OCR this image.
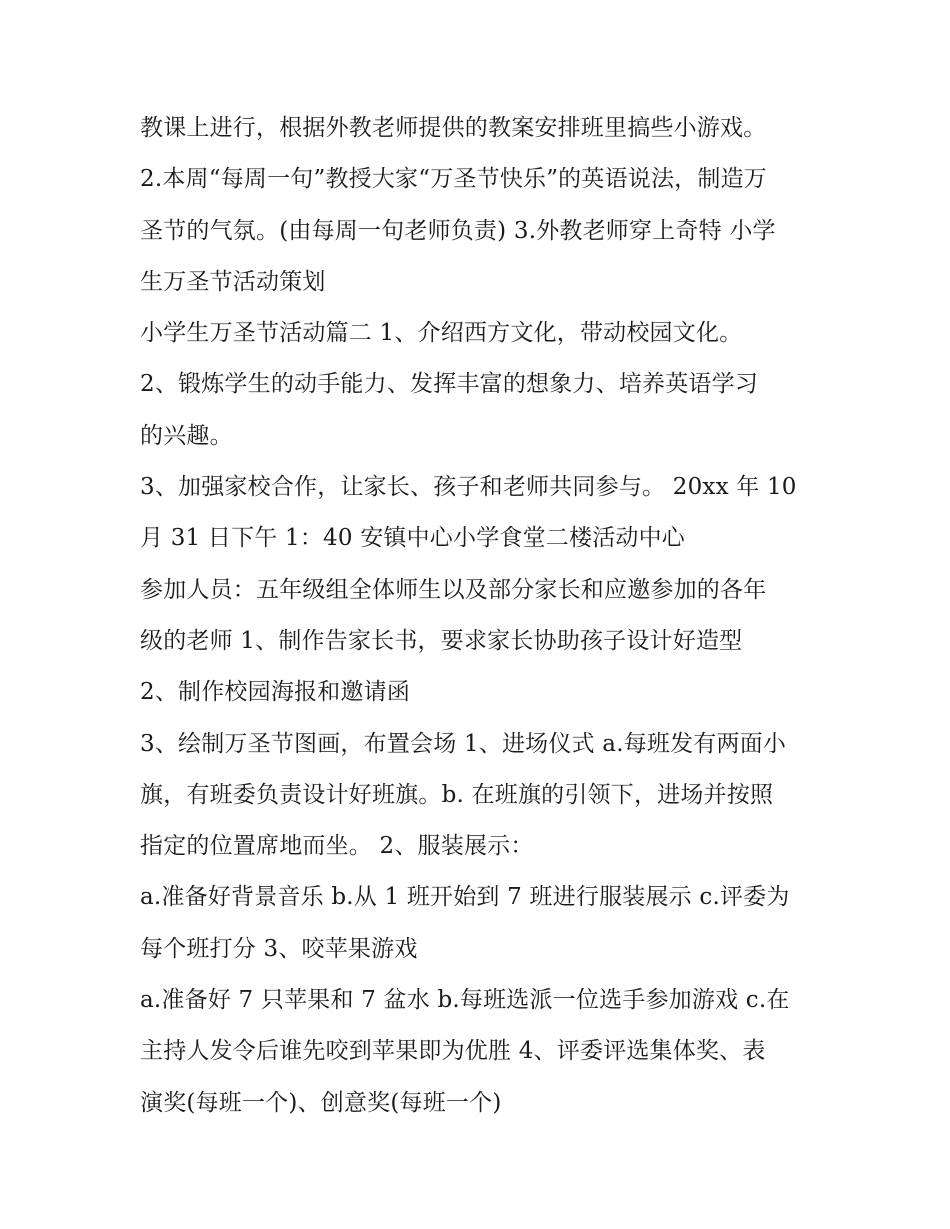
教课上进行，根据外教老师提供的教案安排班里搞些小游戏。
2.本周“每周一句”教授大家“万圣节快乐”的英语说法，制造万
圣节的气氛。(由每周一句老师负责) 3.外教老师穿上奇特 小学
生万圣节活动策划
小学生万圣节活动篇二 1、介绍西方文化，带动校园文化。
2、锻炼学生的动手能力、发挥丰富的想象力、培养英语学习
的兴趣。
3、加强家校合作，让家长、孩子和老师共同参与。 20xx 年 10
月 31 日下午 1：40 安镇中心小学食堂二楼活动中心
参加人员：五年级组全体师生以及部分家长和应邀参加的各年
级的老师 1、制作告家长书，要求家长协助孩子设计好造型
2、制作校园海报和邀请函
3、绘制万圣节图画，布置会场 1、进场仪式 a.每班发有两面小
旗，有班委负责设计好班旗。b. 在班旗的引领下，进场并按照
指定的位置席地而坐。 2、服装展示：
a.准备好背景音乐 b.从 1 班开始到 7 班进行服装展示 c.评委为
每个班打分 3、咬苹果游戏
a.准备好 7 只苹果和 7 盆水 b.每班选派一位选手参加游戏 c.在
主持人发令后谁先咬到苹果即为优胜 4、评委评选集体奖、表
演奖(每班一个)、创意奖(每班一个)
